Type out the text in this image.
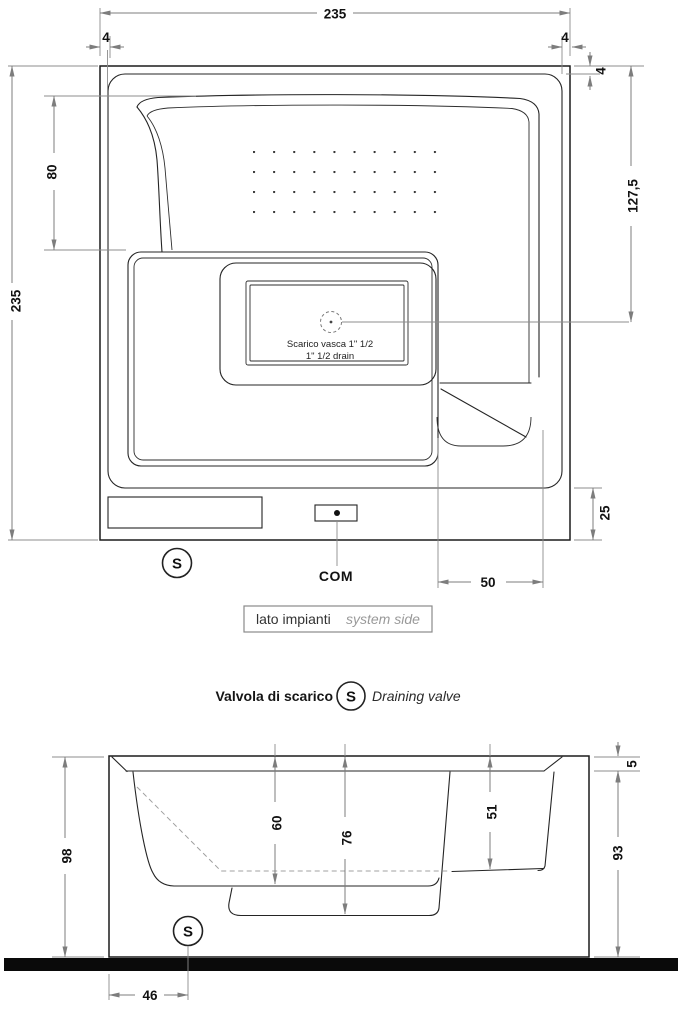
Scarico vasca 1" 1/2
1" 1/2 drain
COM
S
lato impianti system side
235
235
4	4
4
80
127,5
25
50
Valvola di scarico S Draining valve
S
98
60
76
51
5
93
46
